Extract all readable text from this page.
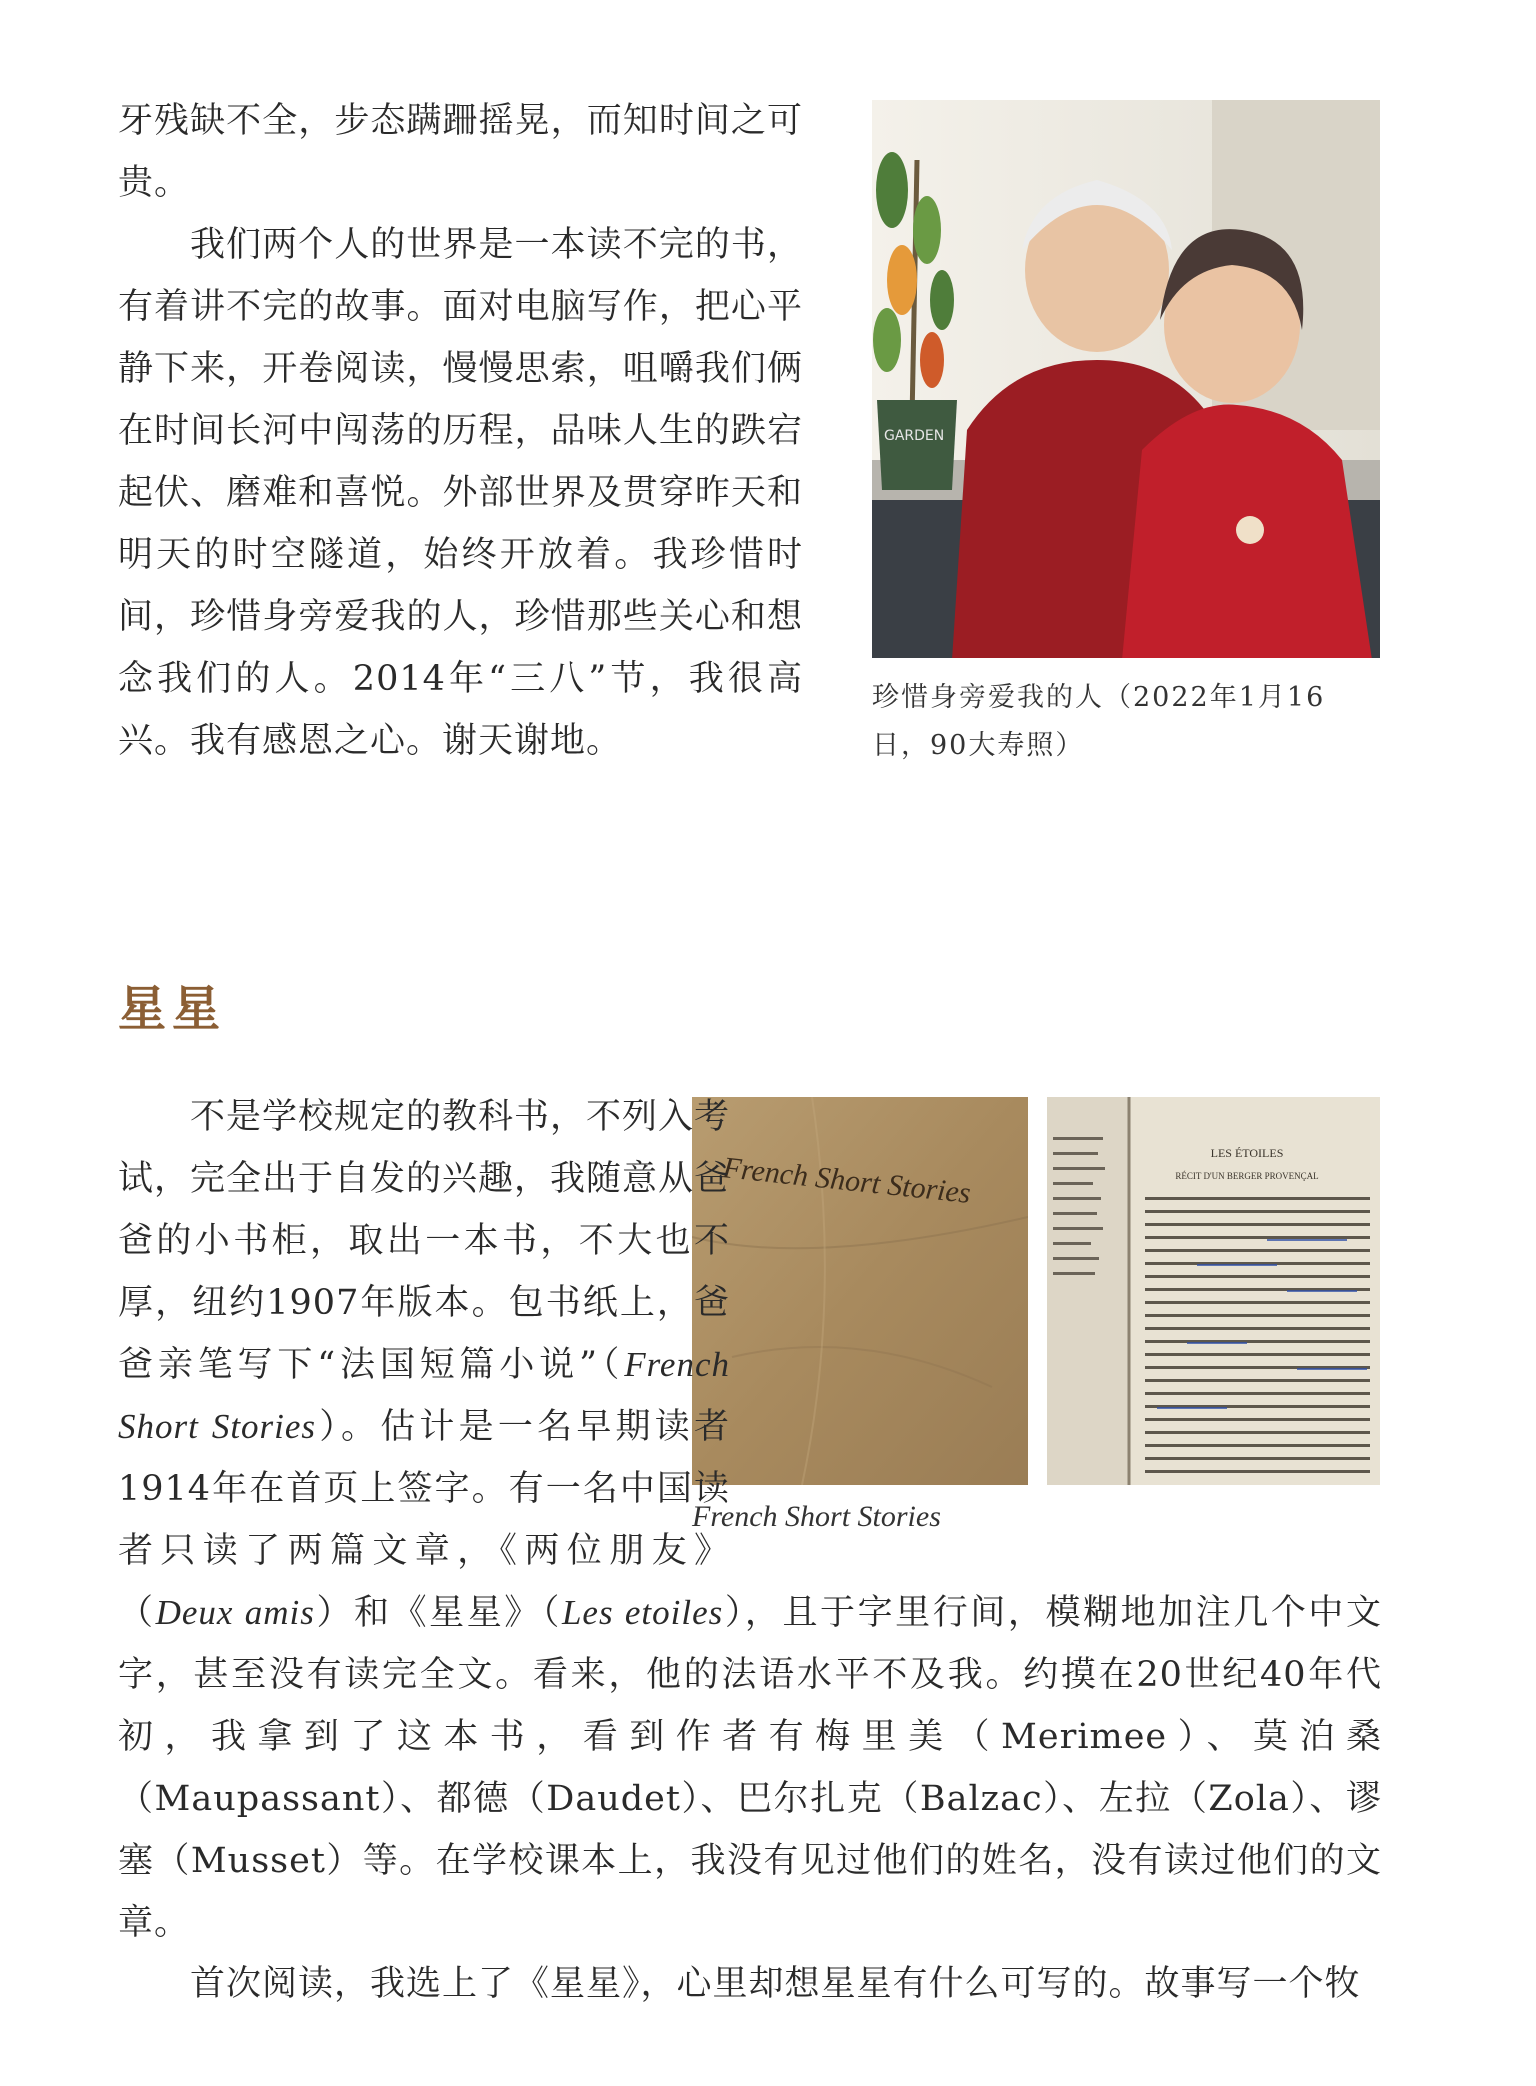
牙残缺不全，步态蹒跚摇晃，而知时间之可贵。

我们两个人的世界是一本读不完的书，有着讲不完的故事。面对电脑写作，把心平静下来，开卷阅读，慢慢思索，咀嚼我们俩在时间长河中闯荡的历程，品味人生的跌宕起伏、磨难和喜悦。外部世界及贯穿昨天和明天的时空隧道，始终开放着。我珍惜时间，珍惜身旁爱我的人，珍惜那些关心和想念我们的人。2014年“三八”节，我很高兴。我有感恩之心。谢天谢地。

GARDEN

珍惜身旁爱我的人（2022年1月16日，90大寿照）

星星
French Short Stories	LES ÉTOILES
RÉCIT D'UN BERGER PROVENÇAL

French Short Stories

不是学校规定的教科书，不列入考试，完全出于自发的兴趣，我随意从爸爸的小书柜，取出一本书，不大也不厚，纽约1907年版本。包书纸上，爸爸亲笔写下“法国短篇小说”（French Short Stories）。估计是一名早期读者1914年在首页上签字。有一名中国读者只读了两篇文章，《两位朋友》（Deux amis）和《星星》（Les etoiles），且于字里行间，模糊地加注几个中文字，甚至没有读完全文。看来，他的法语水平不及我。约摸在20世纪40年代初，我拿到了这本书，看到作者有梅里美（Merimee）、莫泊桑（Maupassant）、都德（Daudet）、巴尔扎克（Balzac）、左拉（Zola）、谬塞（Musset）等。在学校课本上，我没有见过他们的姓名，没有读过他们的文章。

首次阅读，我选上了《星星》，心里却想星星有什么可写的。故事写一个牧
